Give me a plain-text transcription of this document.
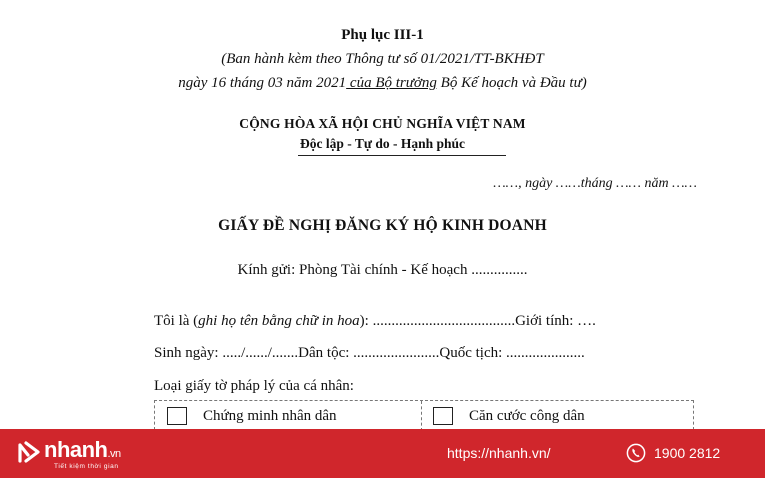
Phụ lục III-1
(Ban hành kèm theo Thông tư số 01/2021/TT-BKHĐT
ngày 16 tháng 03 năm 2021 của Bộ trưởng Bộ Kế hoạch và Đầu tư)
CỘNG HÒA XÃ HỘI CHỦ NGHĨA VIỆT NAM
Độc lập - Tự do - Hạnh phúc
……, ngày ……tháng …… năm ……
GIẤY ĐỀ NGHỊ ĐĂNG KÝ HỘ KINH DOANH
Kính gửi: Phòng Tài chính - Kế hoạch ...............
Tôi là (ghi họ tên bằng chữ in hoa): ......................................Giới tính: ….
Sinh ngày: ...../....../.......Dân tộc: .......................Quốc tịch: .....................
Loại giấy tờ pháp lý của cá nhân:
Chứng minh nhân dân	Căn cước công dân
nhanh.vn
Tiết kiệm thời gian
https://nhanh.vn/	1900 2812
